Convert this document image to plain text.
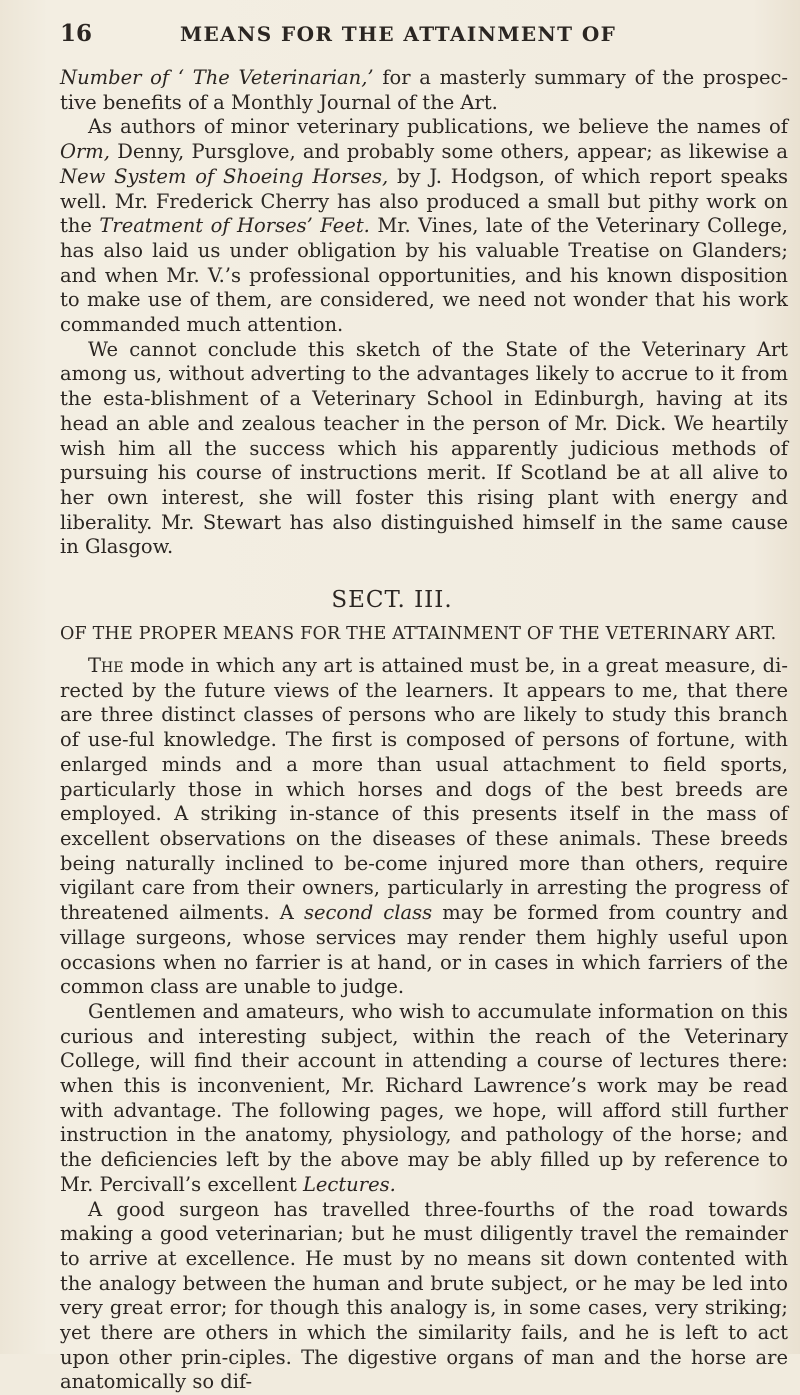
16	MEANS FOR THE ATTAINMENT OF

Number of ‘ The Veterinarian,’ for a masterly summary of the prospec-tive benefits of a Monthly Journal of the Art.

As authors of minor veterinary publications, we believe the names of Orm, Denny, Pursglove, and probably some others, appear; as likewise a New System of Shoeing Horses, by J. Hodgson, of which report speaks well. Mr. Frederick Cherry has also produced a small but pithy work on the Treatment of Horses’ Feet. Mr. Vines, late of the Veterinary College, has also laid us under obligation by his valuable Treatise on Glanders; and when Mr. V.’s professional opportunities, and his known disposition to make use of them, are considered, we need not wonder that his work commanded much attention.

We cannot conclude this sketch of the State of the Veterinary Art among us, without adverting to the advantages likely to accrue to it from the esta-blishment of a Veterinary School in Edinburgh, having at its head an able and zealous teacher in the person of Mr. Dick. We heartily wish him all the success which his apparently judicious methods of pursuing his course of instructions merit. If Scotland be at all alive to her own interest, she will foster this rising plant with energy and liberality. Mr. Stewart has also distinguished himself in the same cause in Glasgow.

SECT. III.
OF THE PROPER MEANS FOR THE ATTAINMENT OF THE VETERINARY ART.

The mode in which any art is attained must be, in a great measure, di-rected by the future views of the learners. It appears to me, that there are three distinct classes of persons who are likely to study this branch of use-ful knowledge. The first is composed of persons of fortune, with enlarged minds and a more than usual attachment to field sports, particularly those in which horses and dogs of the best breeds are employed. A striking in-stance of this presents itself in the mass of excellent observations on the diseases of these animals. These breeds being naturally inclined to be-come injured more than others, require vigilant care from their owners, particularly in arresting the progress of threatened ailments. A second class may be formed from country and village surgeons, whose services may render them highly useful upon occasions when no farrier is at hand, or in cases in which farriers of the common class are unable to judge.

Gentlemen and amateurs, who wish to accumulate information on this curious and interesting subject, within the reach of the Veterinary College, will find their account in attending a course of lectures there: when this is inconvenient, Mr. Richard Lawrence’s work may be read with advantage. The following pages, we hope, will afford still further instruction in the anatomy, physiology, and pathology of the horse; and the deficiencies left by the above may be ably filled up by reference to Mr. Percivall’s excellent Lectures.

A good surgeon has travelled three-fourths of the road towards making a good veterinarian; but he must diligently travel the remainder to arrive at excellence. He must by no means sit down contented with the analogy between the human and brute subject, or he may be led into very great error; for though this analogy is, in some cases, very striking; yet there are others in which the similarity fails, and he is left to act upon other prin-ciples. The digestive organs of man and the horse are anatomically so dif-
